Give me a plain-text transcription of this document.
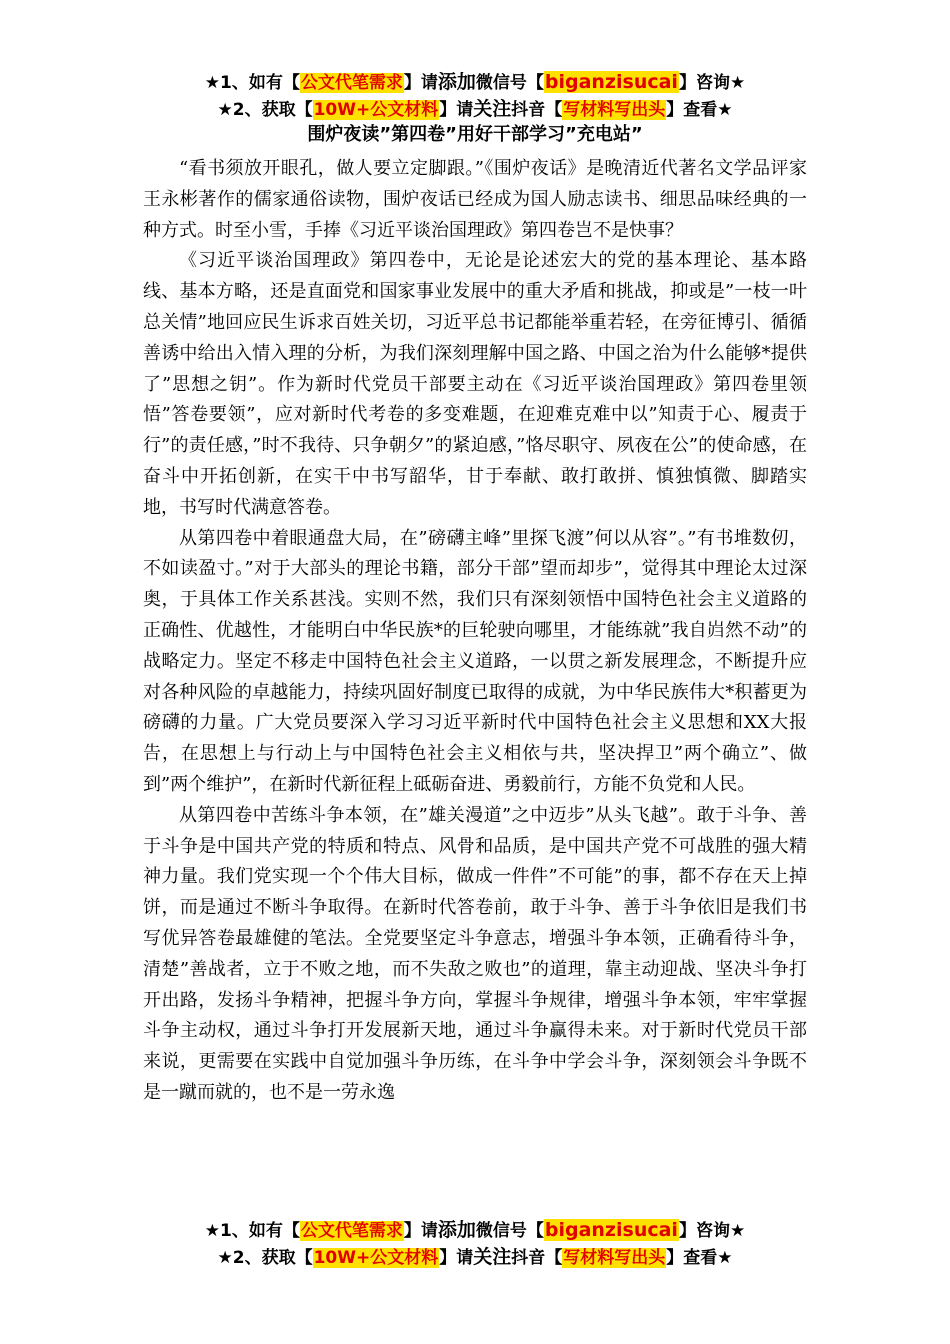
★1、如有【公文代笔需求】请添加微信号【biganzisucai】咨询★
★2、获取【10W+公文材料】请关注抖音【写材料写出头】查看★
围炉夜读”第四卷”用好干部学习”充电站”

“看书须放开眼孔，做人要立定脚跟。”《围炉夜话》是晚清近代著名文学品评家王永彬著作的儒家通俗读物，围炉夜话已经成为国人励志读书、细思品味经典的一种方式。时至小雪，手捧《习近平谈治国理政》第四卷岂不是快事？

《习近平谈治国理政》第四卷中，无论是论述宏大的党的基本理论、基本路线、基本方略，还是直面党和国家事业发展中的重大矛盾和挑战，抑或是”一枝一叶总关情”地回应民生诉求百姓关切，习近平总书记都能举重若轻，在旁征博引、循循善诱中给出入情入理的分析，为我们深刻理解中国之路、中国之治为什么能够*提供了”思想之钥”。作为新时代党员干部要主动在《习近平谈治国理政》第四卷里领悟”答卷要领”，应对新时代考卷的多变难题，在迎难克难中以”知责于心、履责于行”的责任感，”时不我待、只争朝夕”的紧迫感，”恪尽职守、夙夜在公”的使命感，在奋斗中开拓创新，在实干中书写韶华，甘于奉献、敢打敢拼、慎独慎微、脚踏实地，书写时代满意答卷。

从第四卷中着眼通盘大局，在”磅礴主峰”里探飞渡”何以从容”。”有书堆数仞，不如读盈寸。”对于大部头的理论书籍，部分干部”望而却步”，觉得其中理论太过深奥，于具体工作关系甚浅。实则不然，我们只有深刻领悟中国特色社会主义道路的正确性、优越性，才能明白中华民族*的巨轮驶向哪里，才能练就”我自岿然不动”的战略定力。坚定不移走中国特色社会主义道路，一以贯之新发展理念，不断提升应对各种风险的卓越能力，持续巩固好制度已取得的成就，为中华民族伟大*积蓄更为磅礴的力量。广大党员要深入学习习近平新时代中国特色社会主义思想和XX大报告，在思想上与行动上与中国特色社会主义相依与共，坚决捍卫”两个确立”、做到”两个维护”，在新时代新征程上砥砺奋进、勇毅前行，方能不负党和人民。

从第四卷中苦练斗争本领，在”雄关漫道”之中迈步”从头飞越”。敢于斗争、善于斗争是中国共产党的特质和特点、风骨和品质，是中国共产党不可战胜的强大精神力量。我们党实现一个个伟大目标，做成一件件”不可能”的事，都不存在天上掉饼，而是通过不断斗争取得。在新时代答卷前，敢于斗争、善于斗争依旧是我们书写优异答卷最雄健的笔法。全党要坚定斗争意志，增强斗争本领，正确看待斗争，清楚”善战者，立于不败之地，而不失敌之败也”的道理，靠主动迎战、坚决斗争打开出路，发扬斗争精神，把握斗争方向，掌握斗争规律，增强斗争本领，牢牢掌握斗争主动权，通过斗争打开发展新天地，通过斗争赢得未来。对于新时代党员干部来说，更需要在实践中自觉加强斗争历练，在斗争中学会斗争，深刻领会斗争既不是一蹴而就的，也不是一劳永逸

★1、如有【公文代笔需求】请添加微信号【biganzisucai】咨询★
★2、获取【10W+公文材料】请关注抖音【写材料写出头】查看★
